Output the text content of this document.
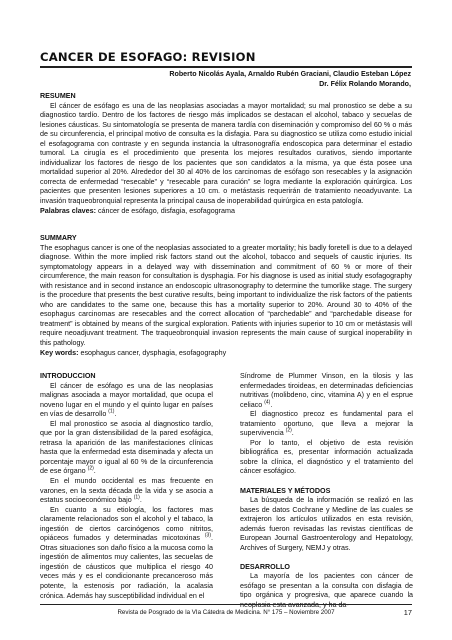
CANCER DE ESOFAGO: REVISION
Roberto Nicolás Ayala, Arnaldo Rubén Graciani, Claudio Esteban López
Dr. Félix Rolando Morando,
RESUMEN

El cáncer de esófago es una de las neoplasias asociadas a mayor mortalidad; su mal pronostico se debe a su diagnostico tardío. Dentro de los factores de riesgo más implicados se destacan el alcohol, tabaco y secuelas de lesiones cáusticas. Su sintomatología se presenta de manera tardía con diseminación y compromiso del 60 % o más de su circunferencia, el principal motivo de consulta es la disfagia. Para su diagnostico se utiliza como estudio inicial el esofagograma con contraste y en segunda instancia la ultrasonografía endoscopica para determinar el estadio tumoral. La cirugía es el procedimiento que presenta los mejores resultados curativos, siendo importante individualizar los factores de riesgo de los pacientes que son candidatos a la misma, ya que ésta posee una mortalidad superior al 20%. Alrededor del 30 al 40% de los carcinomas de esófago son resecables y la asignación correcta de enfermedad “resecable” y “resecable para curación” se logra mediante la exploración quirúrgica. Los pacientes que presenten lesiones superiores a 10 cm. o metástasis requerirán de tratamiento neoadyuvante. La invasión traqueobronquial representa la principal causa de inoperabilidad quirúrgica en esta patología.

Palabras claves: cáncer de esófago, disfagia, esofagograma

SUMMARY

The esophagus cancer is one of the neoplasias associated to a greater mortality; his badly foretell is due to a delayed diagnose. Within the more implied risk factors stand out the alcohol, tobacco and sequels of caustic injuries. Its symptomatology appears in a delayed way with dissemination and commitment of 60 % or more of their circumference, the main reason for consultation is dysphagia. For his diagnose is used as initial study esofagography with resistance and in second instance an endoscopic ultrasonography to determine the tumorlike stage. The surgery is the procedure that presents the best curative results, being important to individualize the risk factors of the patients who are candidates to the same one, because this has a mortality superior to 20%. Around 30 to 40% of the esophagus carcinomas are resecables and the correct allocation of “parchedable” and “parchedable disease for treatment” is obtained by means of the surgical exploration. Patients with injuries superior to 10 cm or metástasis will require neoadjuvant treatment. The traqueobronquial invasion represents the main cause of surgical inoperability in this pathology.

Key words: esophagus cancer, dysphagia, esofagography

INTRODUCCION

El cáncer de esófago es una de las neoplasias malignas asociada a mayor mortalidad, que ocupa el noveno lugar en el mundo y el quinto lugar en países en vías de desarrollo $^{(1)}$.

El mal pronostico se asocia al diagnostico tardío, que por la gran distensibilidad de la pared esofágica, retrasa la aparición de las manifestaciones clínicas hasta que la enfermedad esta diseminada y afecta un porcentaje mayor o igual al 60 % de la circunferencia de ese órgano $^{(2)}$.

En el mundo occidental es mas frecuente en varones, en la sexta década de la vida y se asocia a estatus socioeconómico bajo $^{(1)}$.

En cuanto a su etiología, los factores mas claramente relacionados son el alcohol y el tabaco, la ingestión de ciertos carcinógenos como nitritos, opiáceos fumados y determinadas micotoxinas $^{(3)}$. Otras situaciones son daño físico a la mucosa como la ingestión de alimentos muy calientes, las secuelas de ingestión de cáusticos que multiplica el riesgo 40 veces más y es el condicionante precanceroso más potente, la estenosis por radiación, la acalasia crónica. Además hay susceptibilidad individual en el

Síndrome de Plummer Vinson, en la tilosis y las enfermedades tiroideas, en determinadas deficiencias nutritivas (molibdeno, cinc, vitamina A) y en el esprue celiaco $^{(4)}$.

El diagnostico precoz es fundamental para el tratamiento oportuno, que lleva a mejorar la supervivencia $^{(2)}$.

Por lo tanto, el objetivo de esta revisión bibliográfica es, presentar información actualizada sobre la clínica, el diagnóstico y el tratamiento del cáncer esofágico.

MATERIALES Y MÉTODOS

La búsqueda de la información se realizó en las bases de datos Cochrane y Medline de las cuales se extrajeron los artículos utilizados en esta revisión, además fueron revisadas las revistas científicas de European Journal Gastroenterology and Hepatology, Archives of Surgery, NEMJ y otras.

DESARROLLO

La mayoría de los pacientes con cáncer de esófago se presentan a la consulta con disfagia de tipo orgánica y progresiva, que aparece cuando la neoplasia esta avanzada, y ha da-

Revista de Posgrado de la VIa Cátedra de Medicina. N° 175 – Noviembre 2007	17
